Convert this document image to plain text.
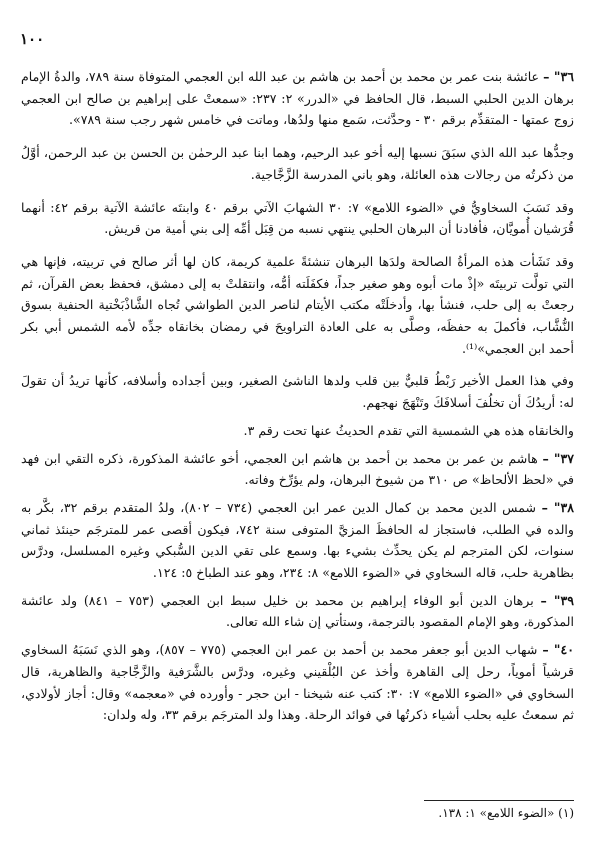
١٠٠

٣٦" – عائشة بنت عمر بن محمد بن أحمد بن هاشم بن عبد الله ابن العجمي المتوفاة سنة ٧٨٩، والدةُ الإمام برهان الدين الحلبي السبط، قال الحافظ في «الدرر» ٢: ٢٣٧: «سمعتْ على إبراهيم بن صالح ابن العجمي زوج عمتها - المتقدِّم برقم ٣٠ - وحدَّثت، سَمع منها ولدُها، وماتت في خامس شهر رجب سنة ٧٨٩».

وجدُّها عبد الله الذي سبَقَ نسبها إليه أخو عبد الرحيم، وهما ابنا عبد الرحمٰن بن الحسن بن عبد الرحمن، أوَّلُ من ذكرتُه من رجالات هذه العائلة، وهو باني المدرسة الزَّجَّاجية.

وقد نَسَبَ السخاويُّ في «الضوء اللامع» ٧: ٣٠ الشهابَ الآتي برقم ٤٠ وابنتَه عائشة الآتية برقم ٤٢: أنهما قُرَشيان أُمويَّان، فأفادنا أن البرهان الحلبي ينتهي نسبه من قِبَل أمِّه إلى بني أمية من قريش.

وقد نَشَأت هذه المرأةُ الصالحة ولدَها البرهان تنشئةً علمية كريمة، كان لها أثر صالح في تربيته، فإنها هي التي تولَّت تربيتَه «إذْ مات أبوه وهو صغير جداً، فكفَلَته أمُّه، وانتقلتْ به إلى دمشق، فحفظ بعض القرآن، ثم رجعتْ به إلى حلب، فنشأ بها، وأدخلَتْه مكتب الأيتام لناصر الدين الطواشي تُجاه الشَّاذْبَخْتية الحنفية بسوق النُّشَّاب، فأكملَ به حفظَه، وصلَّى به على العادة التراويحَ في رمضان بخانقاه جدِّه لأمه الشمس أبي بكر أحمد ابن العجمي»⁽¹⁾.

وفي هذا العمل الأخير رَبْطُ قلبيٌّ بين قلب ولدها الناشئ الصغير، وبين أجداده وأسلافه، كأنها تريدُ أن تقولَ له: أريدُكَ أن تخلُفَ أسلافَكَ وتَنْهَجَ نهجهم.

والخانقاه هذه هي الشمسية التي تقدم الحديثُ عنها تحت رقم ٣.

٣٧" – هاشم بن عمر بن محمد بن أحمد بن هاشم ابن العجمي، أخو عائشة المذكورة، ذكره التقي ابن فهد في «لحظ الألحاظ» ص ٣١٠ من شيوخ البرهان، ولم يؤرِّخ وفاته.

٣٨" – شمس الدين محمد بن كمال الدين عمر ابن العجمي (٧٣٤ – ٨٠٢)، ولدُ المتقدم برقم ٣٢، بكَّر به والده في الطلب، فاستجاز له الحافظَ المزيَّ المتوفى سنة ٧٤٢، فيكون أقصى عمر للمترجَم حينئذ ثماني سنوات، لكن المترجم لم يكن يحدِّث بشيء بها. وسمع على تقي الدين السُّبكي وغيره المسلسل، ودرَّس بظاهرية حلب، قاله السخاوي في «الضوء اللامع» ٨: ٢٣٤، وهو عند الطباخ ٥: ١٢٤.

٣٩" – برهان الدين أبو الوفاء إبراهيم بن محمد بن خليل سبط ابن العجمي (٧٥٣ – ٨٤١) ولد عائشة المذكورة، وهو الإمام المقصود بالترجمة، وستأتي إن شاء الله تعالى.

٤٠" – شهاب الدين أبو جعفر محمد بن أحمد بن عمر ابن العجمي (٧٧٥ – ٨٥٧)، وهو الذي نَسَبَهُ السخاوي قرشياً أموياً، رحل إلى القاهرة وأخذ عن البُلْقيني وغيره، ودرَّس بالشَّرَفية والزَّجَّاجية والظاهرية، قال السخاوي في «الضوء اللامع» ٧: ٣٠: كتب عنه شيخنا - ابن حجر - وأورده في «معجمه» وقال: أجاز لأولادي، ثم سمعتُ عليه بحلب أشياء ذكرتُها في فوائد الرحلة. وهذا ولد المترجَم برقم ٣٣، وله ولدان:

(١) «الضوء اللامع» ١: ١٣٨.
